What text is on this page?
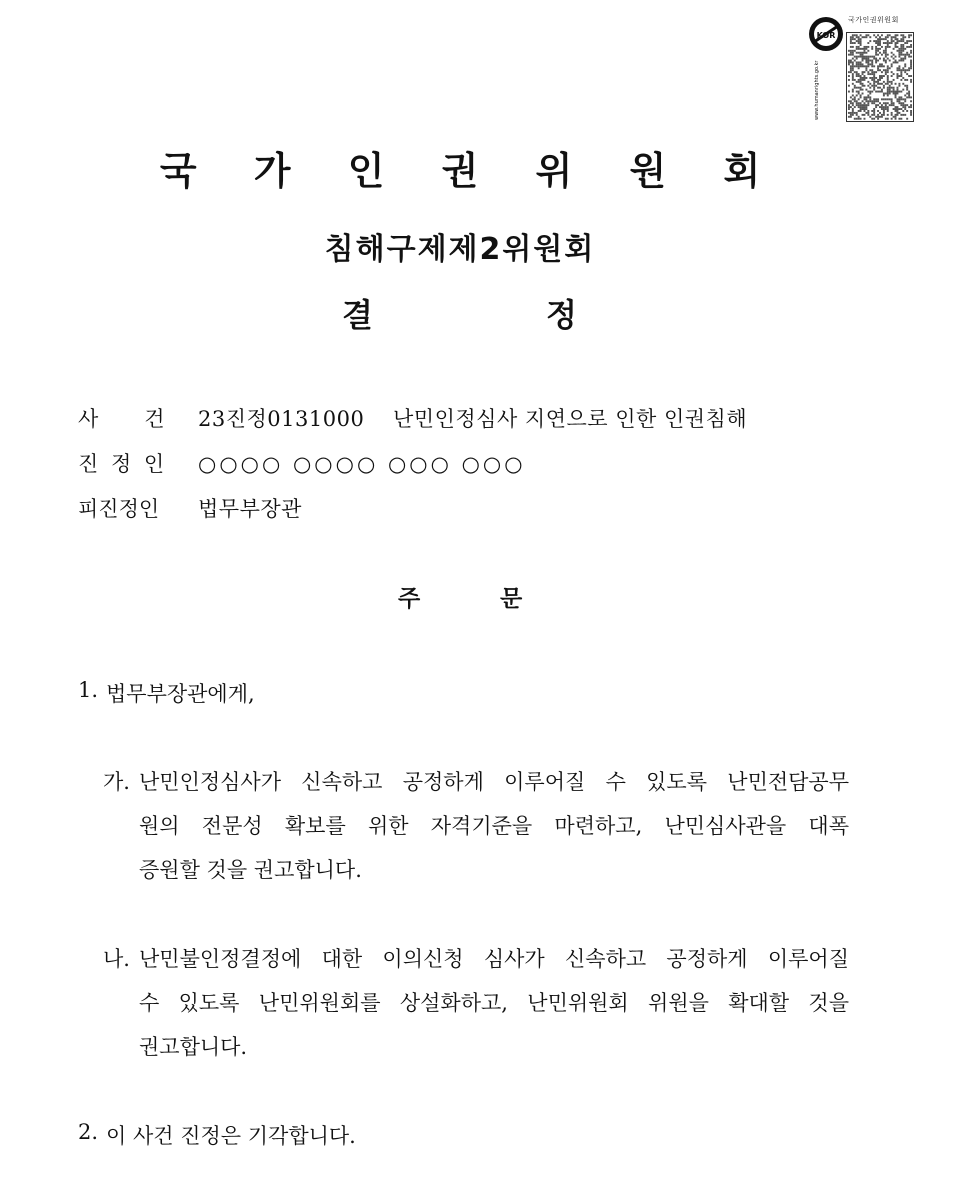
KOR
www.humanrights.go.kr
국가인권위원회
국 가 인 권 위 원 회
침해구제제2위원회
결	정
사 건 23진정0131000    난민인정심사 지연으로 인한 인권침해
진 정 인 ○○○○ ○○○○ ○○○ ○○○
피진정인 법무부장관
주	문
1. 법무부장관에게,
가. 난민인정심사가 신속하고 공정하게 이루어질 수 있도록 난민전담공무
원의 전문성 확보를 위한 자격기준을 마련하고, 난민심사관을 대폭
증원할 것을 권고합니다.
나. 난민불인정결정에 대한 이의신청 심사가 신속하고 공정하게 이루어질
수 있도록 난민위원회를 상설화하고, 난민위원회 위원을 확대할 것을
권고합니다.
2. 이 사건 진정은 기각합니다.
